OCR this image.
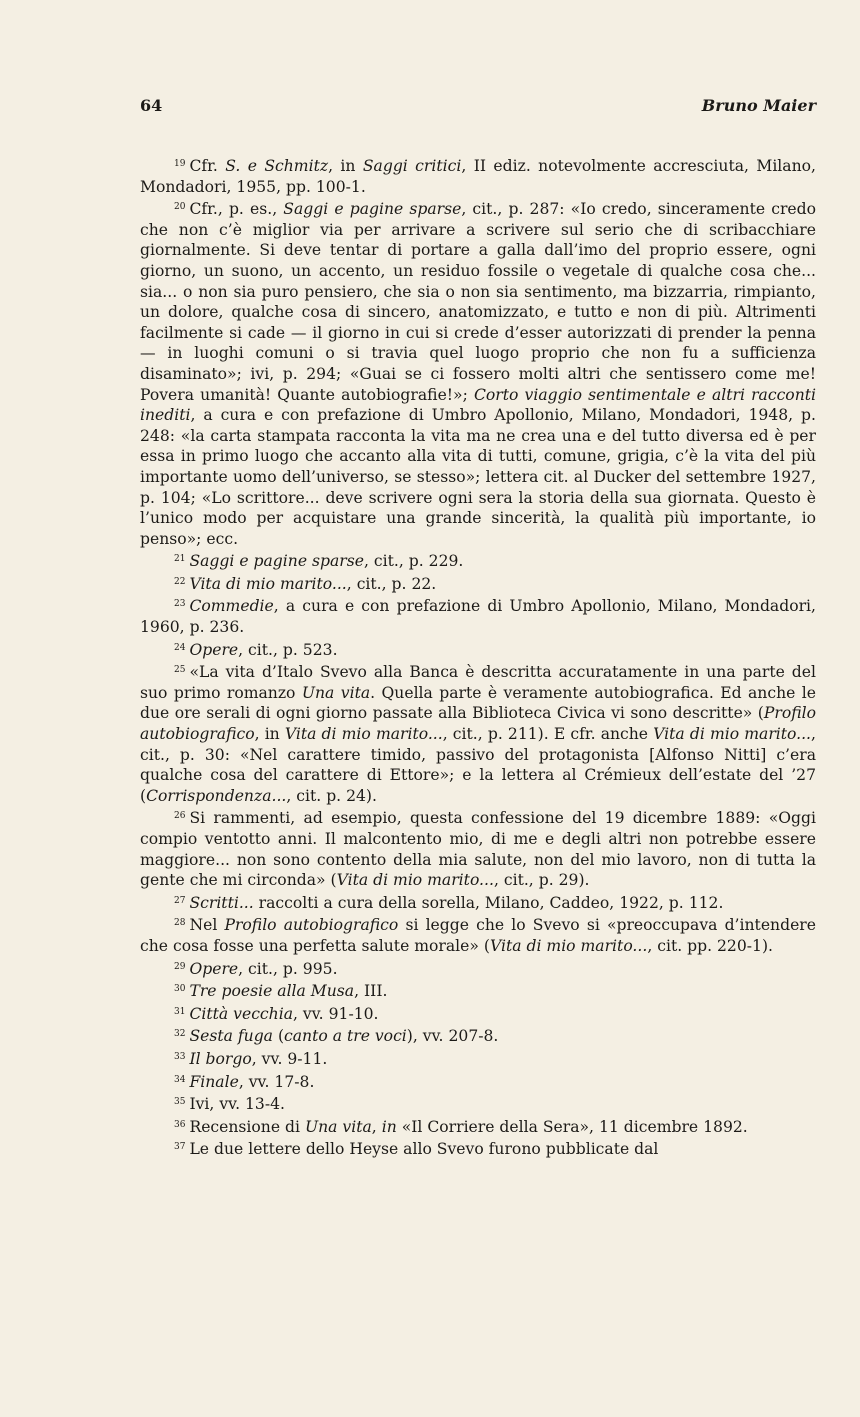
64	Bruno Maier

$^{19}$ Cfr. S. e Schmitz, in Saggi critici, II ediz. notevolmente accresciuta, Milano, Mondadori, 1955, pp. 100-1.

$^{20}$ Cfr., p. es., Saggi e pagine sparse, cit., p. 287: «Io credo, sinceramente credo che non c’è miglior via per arrivare a scrivere sul serio che di scribacchiare giornalmente. Si deve tentar di portare a galla dall’imo del proprio essere, ogni giorno, un suono, un accento, un residuo fossile o vegetale di qualche cosa che... sia... o non sia puro pensiero, che sia o non sia sentimento, ma bizzarria, rimpianto, un dolore, qualche cosa di sincero, anatomizzato, e tutto e non di più. Altrimenti facilmente si cade — il giorno in cui si crede d’esser autorizzati di prender la penna — in luoghi comuni o si travia quel luogo proprio che non fu a sufficienza disaminato»; ivi, p. 294; «Guai se ci fossero molti altri che sentissero come me! Povera umanità! Quante autobiografie!»; Corto viaggio sentimentale e altri racconti inediti, a cura e con prefazione di Umbro Apollonio, Milano, Mondadori, 1948, p. 248: «la carta stampata racconta la vita ma ne crea una e del tutto diversa ed è per essa in primo luogo che accanto alla vita di tutti, comune, grigia, c’è la vita del più importante uomo dell’universo, se stesso»; lettera cit. al Ducker del settembre 1927, p. 104; «Lo scrittore... deve scrivere ogni sera la storia della sua giornata. Questo è l’unico modo per acquistare una grande sincerità, la qualità più importante, io penso»; ecc.

$^{21}$ Saggi e pagine sparse, cit., p. 229.

$^{22}$ Vita di mio marito..., cit., p. 22.

$^{23}$ Commedie, a cura e con prefazione di Umbro Apollonio, Milano, Mondadori, 1960, p. 236.

$^{24}$ Opere, cit., p. 523.

$^{25}$ «La vita d’Italo Svevo alla Banca è descritta accuratamente in una parte del suo primo romanzo Una vita. Quella parte è veramente autobiografica. Ed anche le due ore serali di ogni giorno passate alla Biblioteca Civica vi sono descritte» (Profilo autobiografico, in Vita di mio marito..., cit., p. 211). E cfr. anche Vita di mio marito..., cit., p. 30: «Nel carattere timido, passivo del protagonista [Alfonso Nitti] c’era qualche cosa del carattere di Ettore»; e la lettera al Crémieux dell’estate del ’27 (Corrispondenza..., cit. p. 24).

$^{26}$ Si rammenti, ad esempio, questa confessione del 19 dicembre 1889: «Oggi compio ventotto anni. Il malcontento mio, di me e degli altri non potrebbe essere maggiore... non sono contento della mia salute, non del mio lavoro, non di tutta la gente che mi circonda» (Vita di mio marito..., cit., p. 29).

$^{27}$ Scritti... raccolti a cura della sorella, Milano, Caddeo, 1922, p. 112.

$^{28}$ Nel Profilo autobiografico si legge che lo Svevo si «preoccupava d’intendere che cosa fosse una perfetta salute morale» (Vita di mio marito..., cit. pp. 220-1).

$^{29}$ Opere, cit., p. 995.

$^{30}$ Tre poesie alla Musa, III.

$^{31}$ Città vecchia, vv. 91-10.

$^{32}$ Sesta fuga (canto a tre voci), vv. 207-8.

$^{33}$ Il borgo, vv. 9-11.

$^{34}$ Finale, vv. 17-8.

$^{35}$ Ivi, vv. 13-4.

$^{36}$ Recensione di Una vita, in «Il Corriere della Sera», 11 dicembre 1892.

$^{37}$ Le due lettere dello Heyse allo Svevo furono pubblicate dal
